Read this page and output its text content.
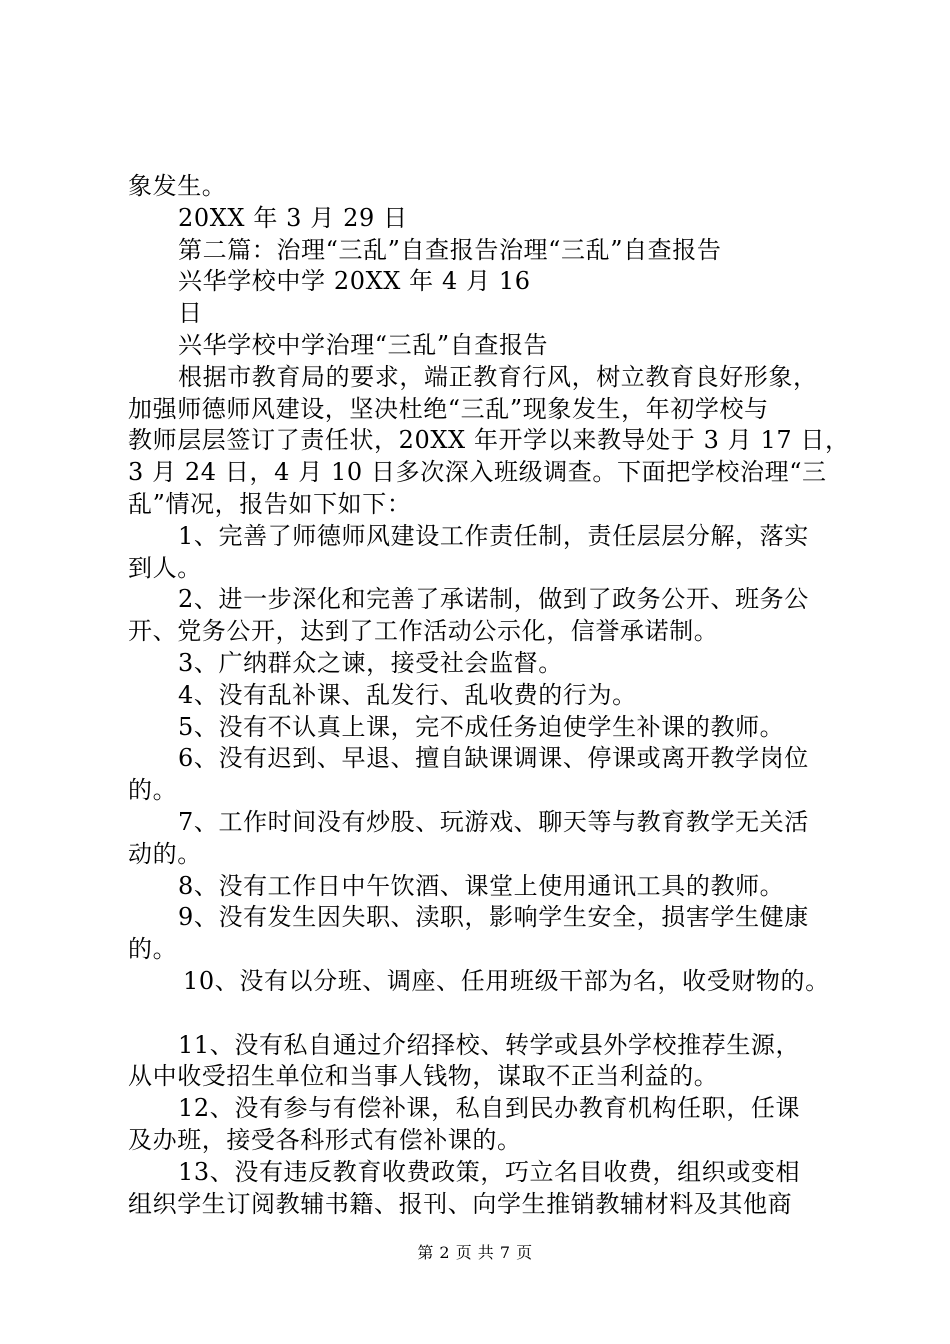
象发生。
20XX 年 3 月 29 日
第二篇：治理“三乱”自查报告治理“三乱”自查报告
兴华学校中学 20XX 年 4 月 16
日
兴华学校中学治理“三乱”自查报告
根据市教育局的要求，端正教育行风，树立教育良好形象，
加强师德师风建设，坚决杜绝“三乱”现象发生，年初学校与
教师层层签订了责任状，20XX 年开学以来教导处于 3 月 17 日，
3 月 24 日，4 月 10 日多次深入班级调查。下面把学校治理“三
乱”情况，报告如下如下：
1、完善了师德师风建设工作责任制，责任层层分解，落实
到人。
2、进一步深化和完善了承诺制，做到了政务公开、班务公
开、党务公开，达到了工作活动公示化，信誉承诺制。
3、广纳群众之谏，接受社会监督。
4、没有乱补课、乱发行、乱收费的行为。
5、没有不认真上课，完不成任务迫使学生补课的教师。
6、没有迟到、早退、擅自缺课调课、停课或离开教学岗位
的。
7、工作时间没有炒股、玩游戏、聊天等与教育教学无关活
动的。
8、没有工作日中午饮酒、课堂上使用通讯工具的教师。
9、没有发生因失职、渎职，影响学生安全，损害学生健康
的。
10、没有以分班、调座、任用班级干部为名，收受财物的。
11、没有私自通过介绍择校、转学或县外学校推荐生源，
从中收受招生单位和当事人钱物，谋取不正当利益的。
12、没有参与有偿补课，私自到民办教育机构任职，任课
及办班，接受各科形式有偿补课的。
13、没有违反教育收费政策，巧立名目收费，组织或变相
组织学生订阅教辅书籍、报刊、向学生推销教辅材料及其他商
第 2 页 共 7 页
